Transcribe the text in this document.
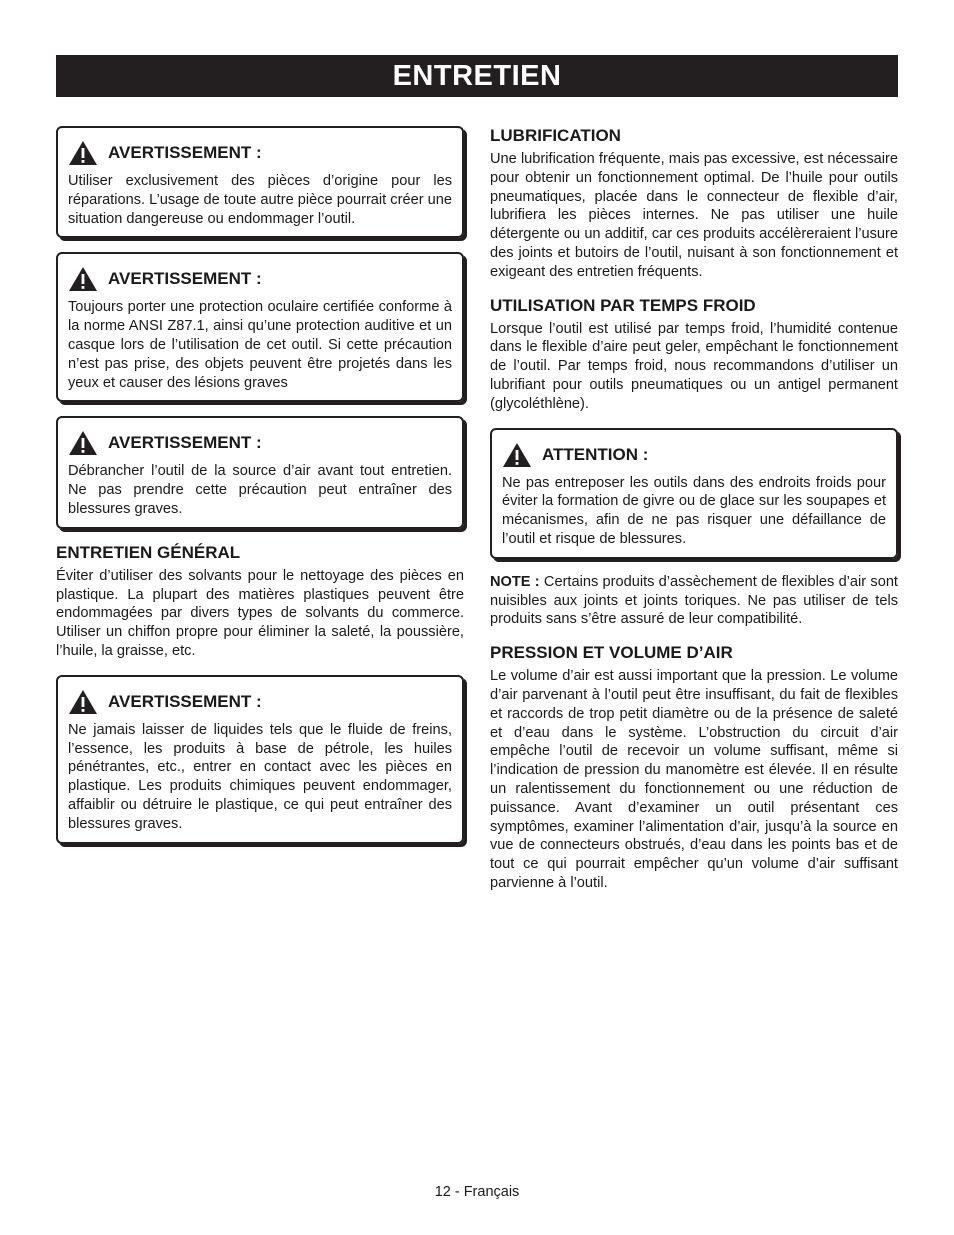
ENTRETIEN
AVERTISSEMENT :

Utiliser exclusivement des pièces d’origine pour les réparations. L’usage de toute autre pièce pourrait créer une situation dangereuse ou endommager l’outil.

AVERTISSEMENT :

Toujours porter une protection oculaire certifiée conforme à la norme ANSI Z87.1, ainsi qu’une protection auditive et un casque lors de l’utilisation de cet outil. Si cette précaution n’est pas prise, des objets peuvent être projetés dans les yeux et causer des lésions graves

AVERTISSEMENT :

Débrancher l’outil de la source d’air avant tout entretien. Ne pas prendre cette précaution peut entraîner des blessures graves.

ENTRETIEN GÉNÉRAL

Éviter d’utiliser des solvants pour le nettoyage des pièces en plastique. La plupart des matières plastiques peuvent être endommagées par divers types de solvants du commerce. Utiliser un chiffon propre pour éliminer la saleté, la poussière, l’huile, la graisse, etc.

AVERTISSEMENT :

Ne jamais laisser de liquides tels que le fluide de freins, l’essence, les produits à base de pétrole, les huiles pénétrantes, etc., entrer en contact avec les pièces en plastique. Les produits chimiques peuvent endommager, affaiblir ou détruire le plastique, ce qui peut entraîner des blessures graves.

LUBRIFICATION

Une lubrification fréquente, mais pas excessive, est nécessaire pour obtenir un fonctionnement optimal. De l’huile pour outils pneumatiques, placée dans le connecteur de flexible d’air, lubrifiera les pièces internes. Ne pas utiliser une huile détergente ou un additif, car ces produits accélèreraient l’usure des joints et butoirs de l’outil, nuisant à son fonctionnement et exigeant des entretien fréquents.

UTILISATION PAR TEMPS FROID

Lorsque l’outil est utilisé par temps froid, l’humidité contenue dans le flexible d’aire peut geler, empêchant le fonctionnement de l’outil. Par temps froid, nous recommandons d’utiliser un lubrifiant pour outils pneumatiques ou un antigel permanent (glycoléthlène).

ATTENTION :

Ne pas entreposer les outils dans des endroits froids pour éviter la formation de givre ou de glace sur les soupapes et mécanismes, afin de ne pas risquer une défaillance de l’outil et risque de blessures.

NOTE : Certains produits d’assèchement de flexibles d’air sont nuisibles aux joints et joints toriques. Ne pas utiliser de tels produits sans s’être assuré de leur compatibilité.

PRESSION ET VOLUME D’AIR

Le volume d’air est aussi important que la pression. Le volume d’air parvenant à l’outil peut être insuffisant, du fait de flexibles et raccords de trop petit diamètre ou de la présence de saleté et d’eau dans le système. L’obstruction du circuit d’air empêche l’outil de recevoir un volume suffisant, même si l’indication de pression du manomètre est élevée. Il en résulte un ralentissement du fonctionnement ou une réduction de puissance. Avant d’examiner un outil présentant ces symptômes, examiner l’alimentation d’air, jusqu’à la source en vue de connecteurs obstrués, d’eau dans les points bas et de tout ce qui pourrait empêcher qu’un volume d’air suffisant parvienne à l’outil.

12 - Français
